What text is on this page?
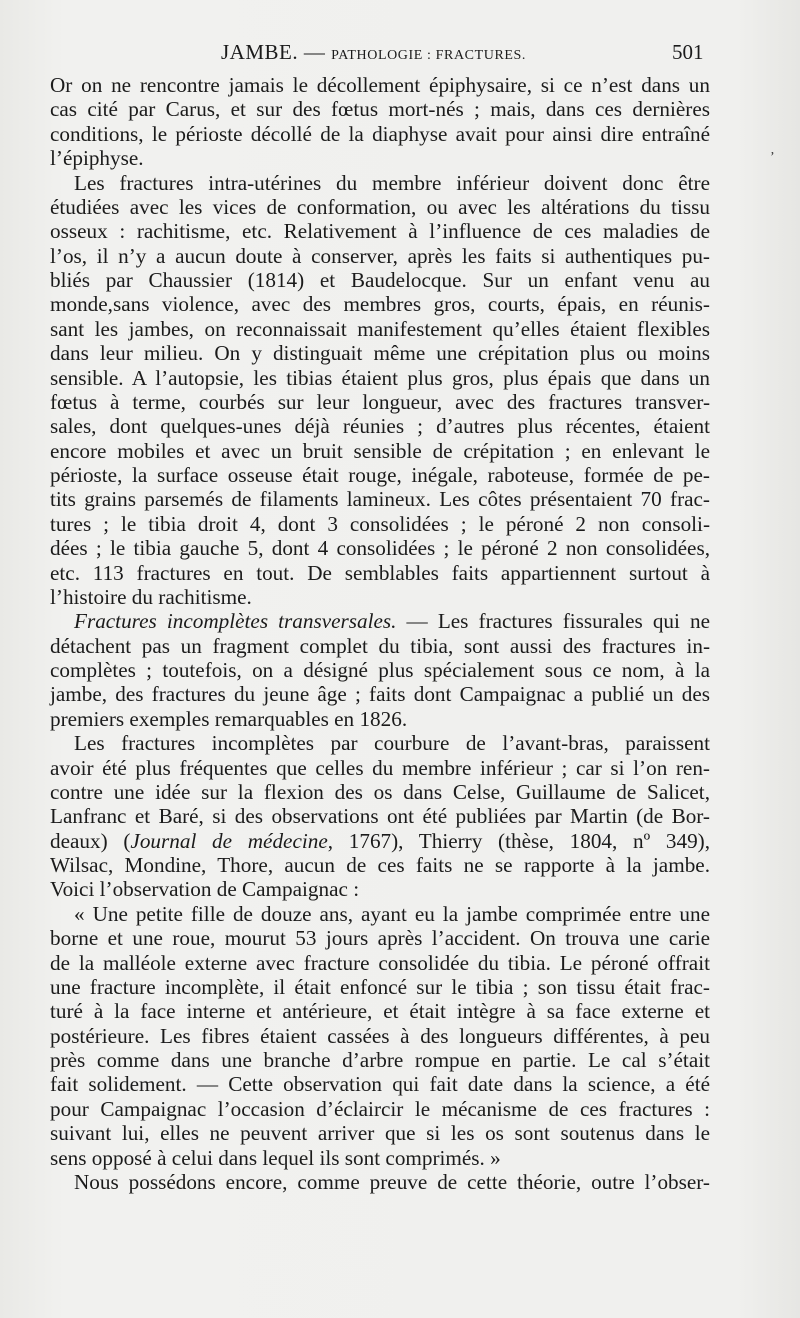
JAMBE. — PATHOLOGIE : FRACTURES.	501
ʼ
Or on ne rencontre jamais le décollement épiphysaire, si ce n’est dans un
cas cité par Carus, et sur des fœtus mort-nés ; mais, dans ces dernières
conditions, le périoste décollé de la diaphyse avait pour ainsi dire entraîné
l’épiphyse.
Les fractures intra-utérines du membre inférieur doivent donc être
étudiées avec les vices de conformation, ou avec les altérations du tissu
osseux : rachitisme, etc. Relativement à l’influence de ces maladies de
l’os, il n’y a aucun doute à conserver, après les faits si authentiques pu-
bliés par Chaussier (1814) et Baudelocque. Sur un enfant venu au
monde,sans violence, avec des membres gros, courts, épais, en réunis-
sant les jambes, on reconnaissait manifestement qu’elles étaient flexibles
dans leur milieu. On y distinguait même une crépitation plus ou moins
sensible. A l’autopsie, les tibias étaient plus gros, plus épais que dans un
fœtus à terme, courbés sur leur longueur, avec des fractures transver-
sales, dont quelques-unes déjà réunies ; d’autres plus récentes, étaient
encore mobiles et avec un bruit sensible de crépitation ; en enlevant le
périoste, la surface osseuse était rouge, inégale, raboteuse, formée de pe-
tits grains parsemés de filaments lamineux. Les côtes présentaient 70 frac-
tures ; le tibia droit 4, dont 3 consolidées ; le péroné 2 non consoli-
dées ; le tibia gauche 5, dont 4 consolidées ; le péroné 2 non consolidées,
etc. 113 fractures en tout. De semblables faits appartiennent surtout à
l’histoire du rachitisme.
Fractures incomplètes transversales. — Les fractures fissurales qui ne
détachent pas un fragment complet du tibia, sont aussi des fractures in-
complètes ; toutefois, on a désigné plus spécialement sous ce nom, à la
jambe, des fractures du jeune âge ; faits dont Campaignac a publié un des
premiers exemples remarquables en 1826.
Les fractures incomplètes par courbure de l’avant-bras, paraissent
avoir été plus fréquentes que celles du membre inférieur ; car si l’on ren-
contre une idée sur la flexion des os dans Celse, Guillaume de Salicet,
Lanfranc et Baré, si des observations ont été publiées par Martin (de Bor-
deaux) (Journal de médecine, 1767), Thierry (thèse, 1804, nº 349),
Wilsac, Mondine, Thore, aucun de ces faits ne se rapporte à la jambe.
Voici l’observation de Campaignac :
« Une petite fille de douze ans, ayant eu la jambe comprimée entre une
borne et une roue, mourut 53 jours après l’accident. On trouva une carie
de la malléole externe avec fracture consolidée du tibia. Le péroné offrait
une fracture incomplète, il était enfoncé sur le tibia ; son tissu était frac-
turé à la face interne et antérieure, et était intègre à sa face externe et
postérieure. Les fibres étaient cassées à des longueurs différentes, à peu
près comme dans une branche d’arbre rompue en partie. Le cal s’était
fait solidement. — Cette observation qui fait date dans la science, a été
pour Campaignac l’occasion d’éclaircir le mécanisme de ces fractures :
suivant lui, elles ne peuvent arriver que si les os sont soutenus dans le
sens opposé à celui dans lequel ils sont comprimés. »
Nous possédons encore, comme preuve de cette théorie, outre l’obser-
